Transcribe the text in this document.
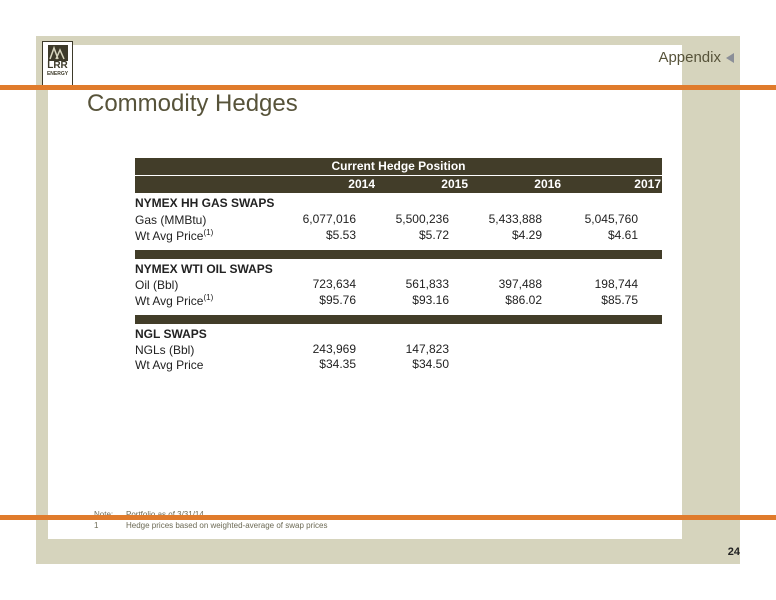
LRR
ENERGY
Appendix
Commodity Hedges
Current Hedge Position
2014	2015	2016	2017
NYMEX HH GAS SWAPS
Gas (MMBtu)	6,077,016	5,500,236	5,433,888	5,045,760
Wt Avg Price$^{(1)}$	$5.53	$5.72	$4.29	$4.61
NYMEX WTI OIL SWAPS
Oil (Bbl)	723,634	561,833	397,488	198,744
Wt Avg Price$^{(1)}$	$95.76	$93.16	$86.02	$85.75
NGL SWAPS
NGLs (Bbl)	243,969	147,823
Wt Avg Price	$34.35	$34.50
1	Hedge prices based on weighted-average of swap prices
24
